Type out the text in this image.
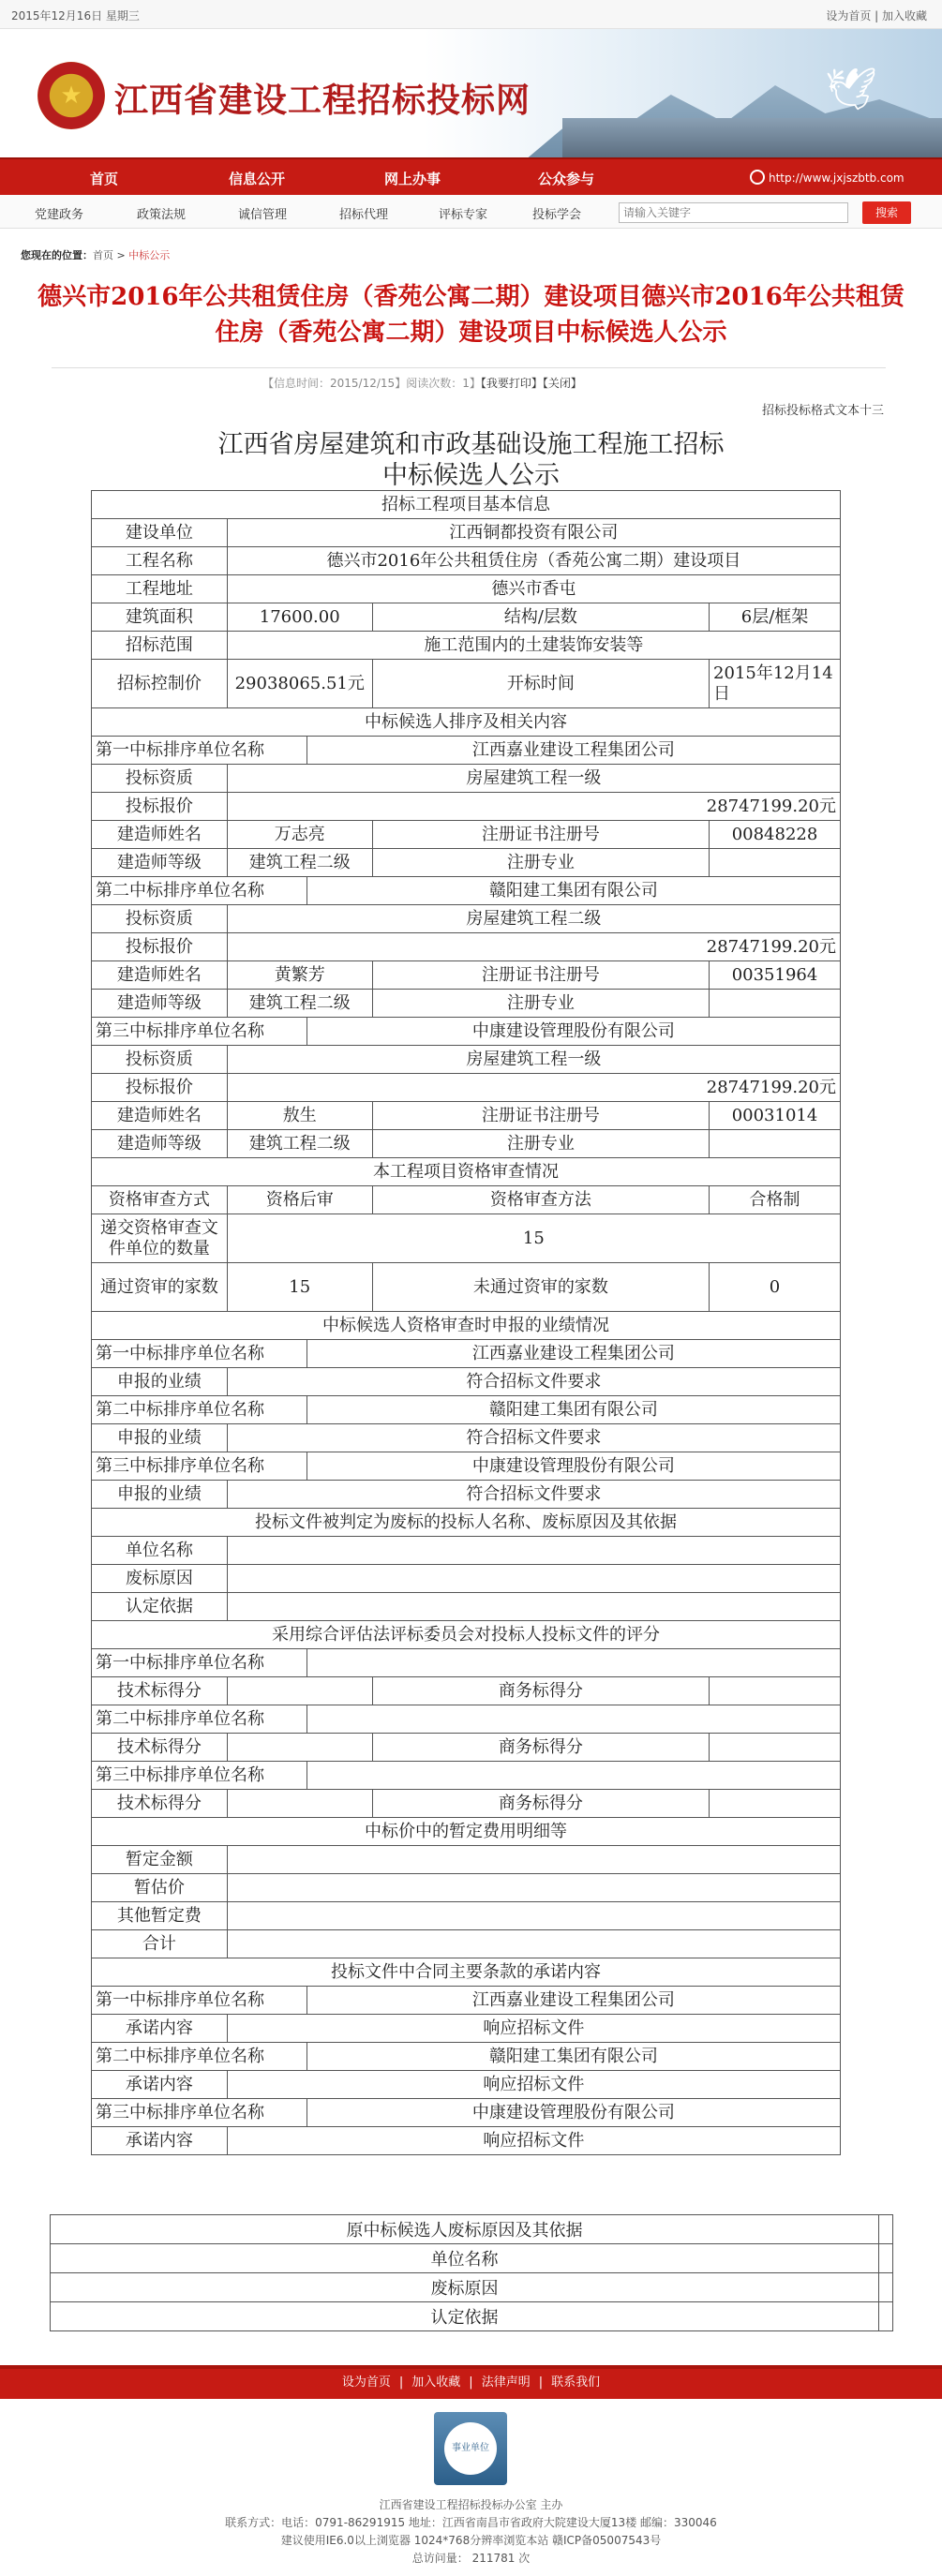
2015年12月16日 星期三	设为首页 | 加入收藏
🕊
★ 江西省建设工程招标投标网
首页	信息公开	网上办事	公众参与	http://www.jxjszbtb.com
党建政务	政策法规	诚信管理	招标代理	评标专家	投标学会
请输入关键字	搜索
您现在的位置：首页 > 中标公示
德兴市2016年公共租赁住房（香苑公寓二期）建设项目德兴市2016年公共租赁住房（香苑公寓二期）建设项目中标候选人公示
【信息时间：2015/12/15】阅读次数：1】【我要打印】【关闭】
招标投标格式文本十三
江西省房屋建筑和市政基础设施工程施工招标
中标候选人公示
招标工程项目基本信息				
建设单位	江西铜都投资有限公司			
工程名称	德兴市2016年公共租赁住房（香苑公寓二期）建设项目			
工程地址	德兴市香屯			
建筑面积	17600.00		结构/层数	6层/框架
招标范围	施工范围内的土建装饰安装等			
招标控制价	29038065.51元		开标时间	2015年12月14日
中标候选人排序及相关内容				
第一中标排序单位名称		江西嘉业建设工程集团公司		
投标资质	房屋建筑工程一级			
投标报价	28747199.20元			
建造师姓名	万志亮		注册证书注册号	00848228
建造师等级	建筑工程二级		注册专业	
第二中标排序单位名称		赣阳建工集团有限公司		
投标资质	房屋建筑工程二级			
投标报价	28747199.20元			
建造师姓名	黄繁芳		注册证书注册号	00351964
建造师等级	建筑工程二级		注册专业	
第三中标排序单位名称		中康建设管理股份有限公司		
投标资质	房屋建筑工程一级			
投标报价	28747199.20元			
建造师姓名	敖生		注册证书注册号	00031014
建造师等级	建筑工程二级		注册专业	
本工程项目资格审查情况				
资格审查方式	资格后审		资格审查方法	合格制
递交资格审查文件单位的数量	15			
通过资审的家数	15		未通过资审的家数	0
中标候选人资格审查时申报的业绩情况				
第一中标排序单位名称		江西嘉业建设工程集团公司		
申报的业绩	符合招标文件要求			
第二中标排序单位名称		赣阳建工集团有限公司		
申报的业绩	符合招标文件要求			
第三中标排序单位名称		中康建设管理股份有限公司		
申报的业绩	符合招标文件要求			
投标文件被判定为废标的投标人名称、废标原因及其依据				
单位名称				
废标原因				
认定依据				
采用综合评估法评标委员会对投标人投标文件的评分				
第一中标排序单位名称				
技术标得分			商务标得分	
第二中标排序单位名称				
技术标得分			商务标得分	
第三中标排序单位名称				
技术标得分			商务标得分	
中标价中的暂定费用明细等				
暂定金额				
暂估价				
其他暂定费				
合计				
投标文件中合同主要条款的承诺内容				
第一中标排序单位名称		江西嘉业建设工程集团公司		
承诺内容	响应招标文件			
第二中标排序单位名称		赣阳建工集团有限公司		
承诺内容	响应招标文件			
第三中标排序单位名称		中康建设管理股份有限公司		
承诺内容	响应招标文件			
原中标候选人废标原因及其依据	
单位名称	
废标原因	
认定依据	
设为首页 | 加入收藏 | 法律声明 | 联系我们
事业单位
江西省建设工程招标投标办公室 主办
联系方式：电话：0791-86291915 地址：江西省南昌市省政府大院建设大厦13楼 邮编：330046
建议使用IE6.0以上浏览器 1024*768分辨率浏览本站 赣ICP备05007543号
总访问量： 211781 次
